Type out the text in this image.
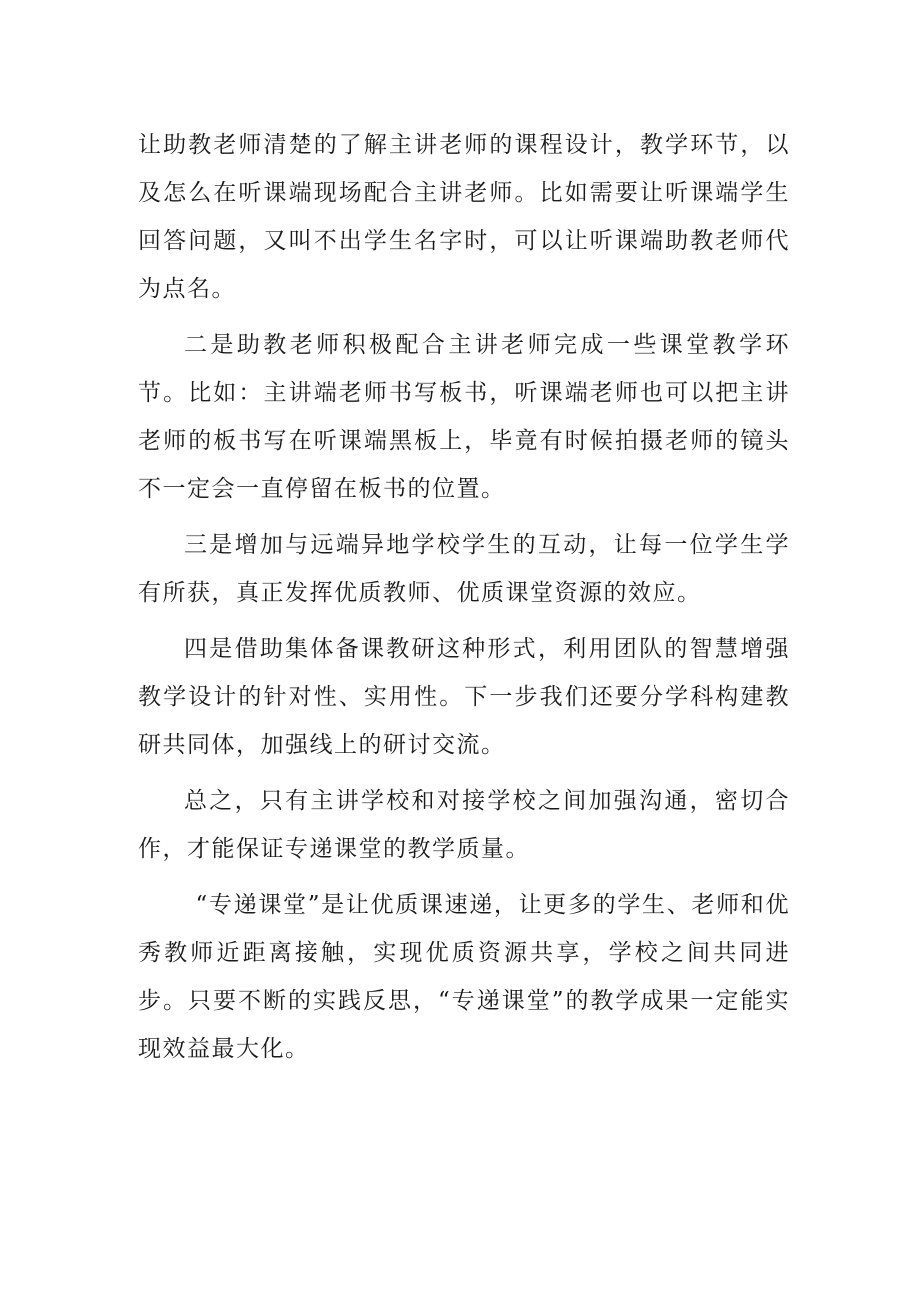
让助教老师清楚的了解主讲老师的课程设计，教学环节，以及怎么在听课端现场配合主讲老师。比如需要让听课端学生回答问题，又叫不出学生名字时，可以让听课端助教老师代为点名。

二是助教老师积极配合主讲老师完成一些课堂教学环节。比如：主讲端老师书写板书，听课端老师也可以把主讲老师的板书写在听课端黑板上，毕竟有时候拍摄老师的镜头不一定会一直停留在板书的位置。

三是增加与远端异地学校学生的互动，让每一位学生学有所获，真正发挥优质教师、优质课堂资源的效应。

四是借助集体备课教研这种形式，利用团队的智慧增强教学设计的针对性、实用性。下一步我们还要分学科构建教研共同体，加强线上的研讨交流。

总之，只有主讲学校和对接学校之间加强沟通，密切合作，才能保证专递课堂的教学质量。

“专递课堂”是让优质课速递，让更多的学生、老师和优秀教师近距离接触，实现优质资源共享，学校之间共同进步。只要不断的实践反思，“专递课堂”的教学成果一定能实现效益最大化。
